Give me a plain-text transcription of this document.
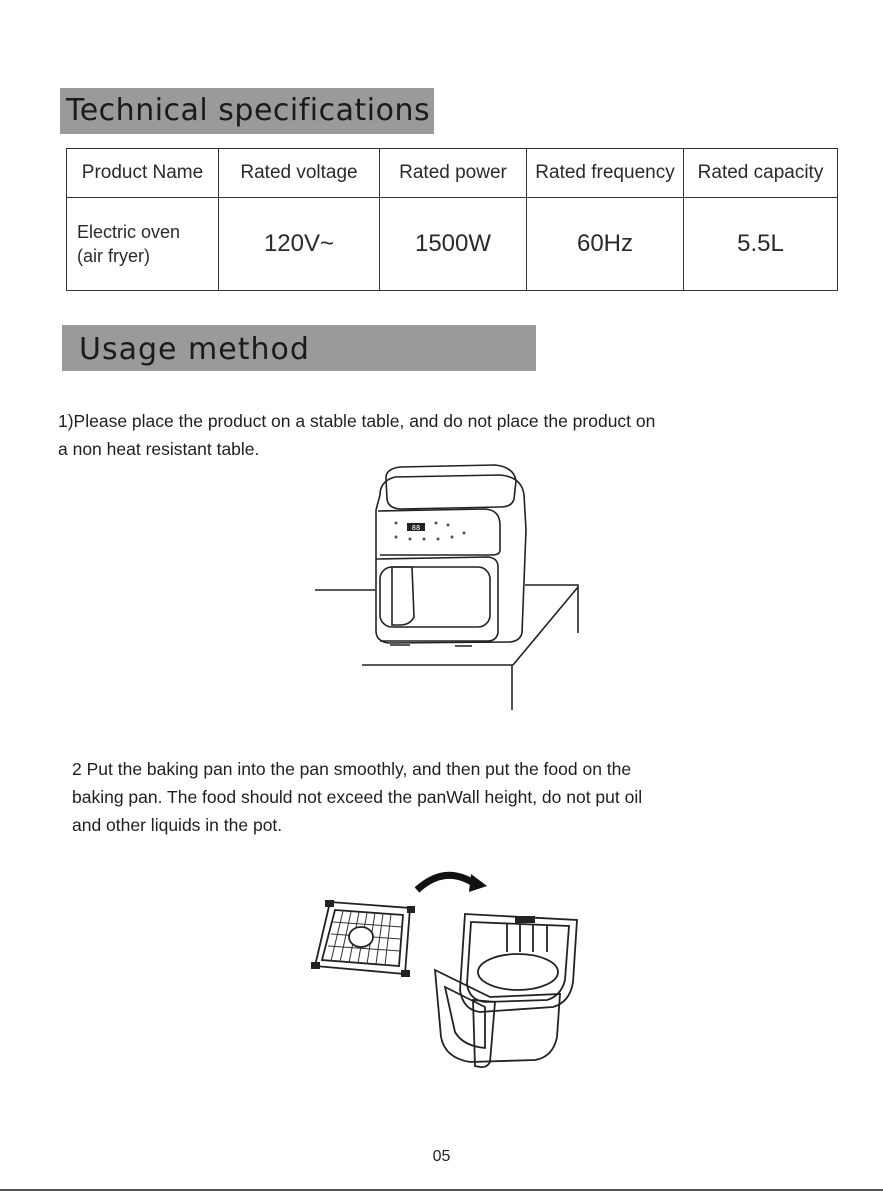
Technical specifications
Product Name	Rated voltage	Rated power	Rated frequency	Rated capacity

Electric oven
(air fryer)	120V~	1500W	60Hz	5.5L
Usage method
1)Please place the product on a stable table, and do not place the product on
a non heat resistant table.
88
2 Put the baking pan into the pan smoothly, and then put the food on the
baking pan. The food should not exceed the panWall height, do not put oil
and other liquids in the pot.
05
